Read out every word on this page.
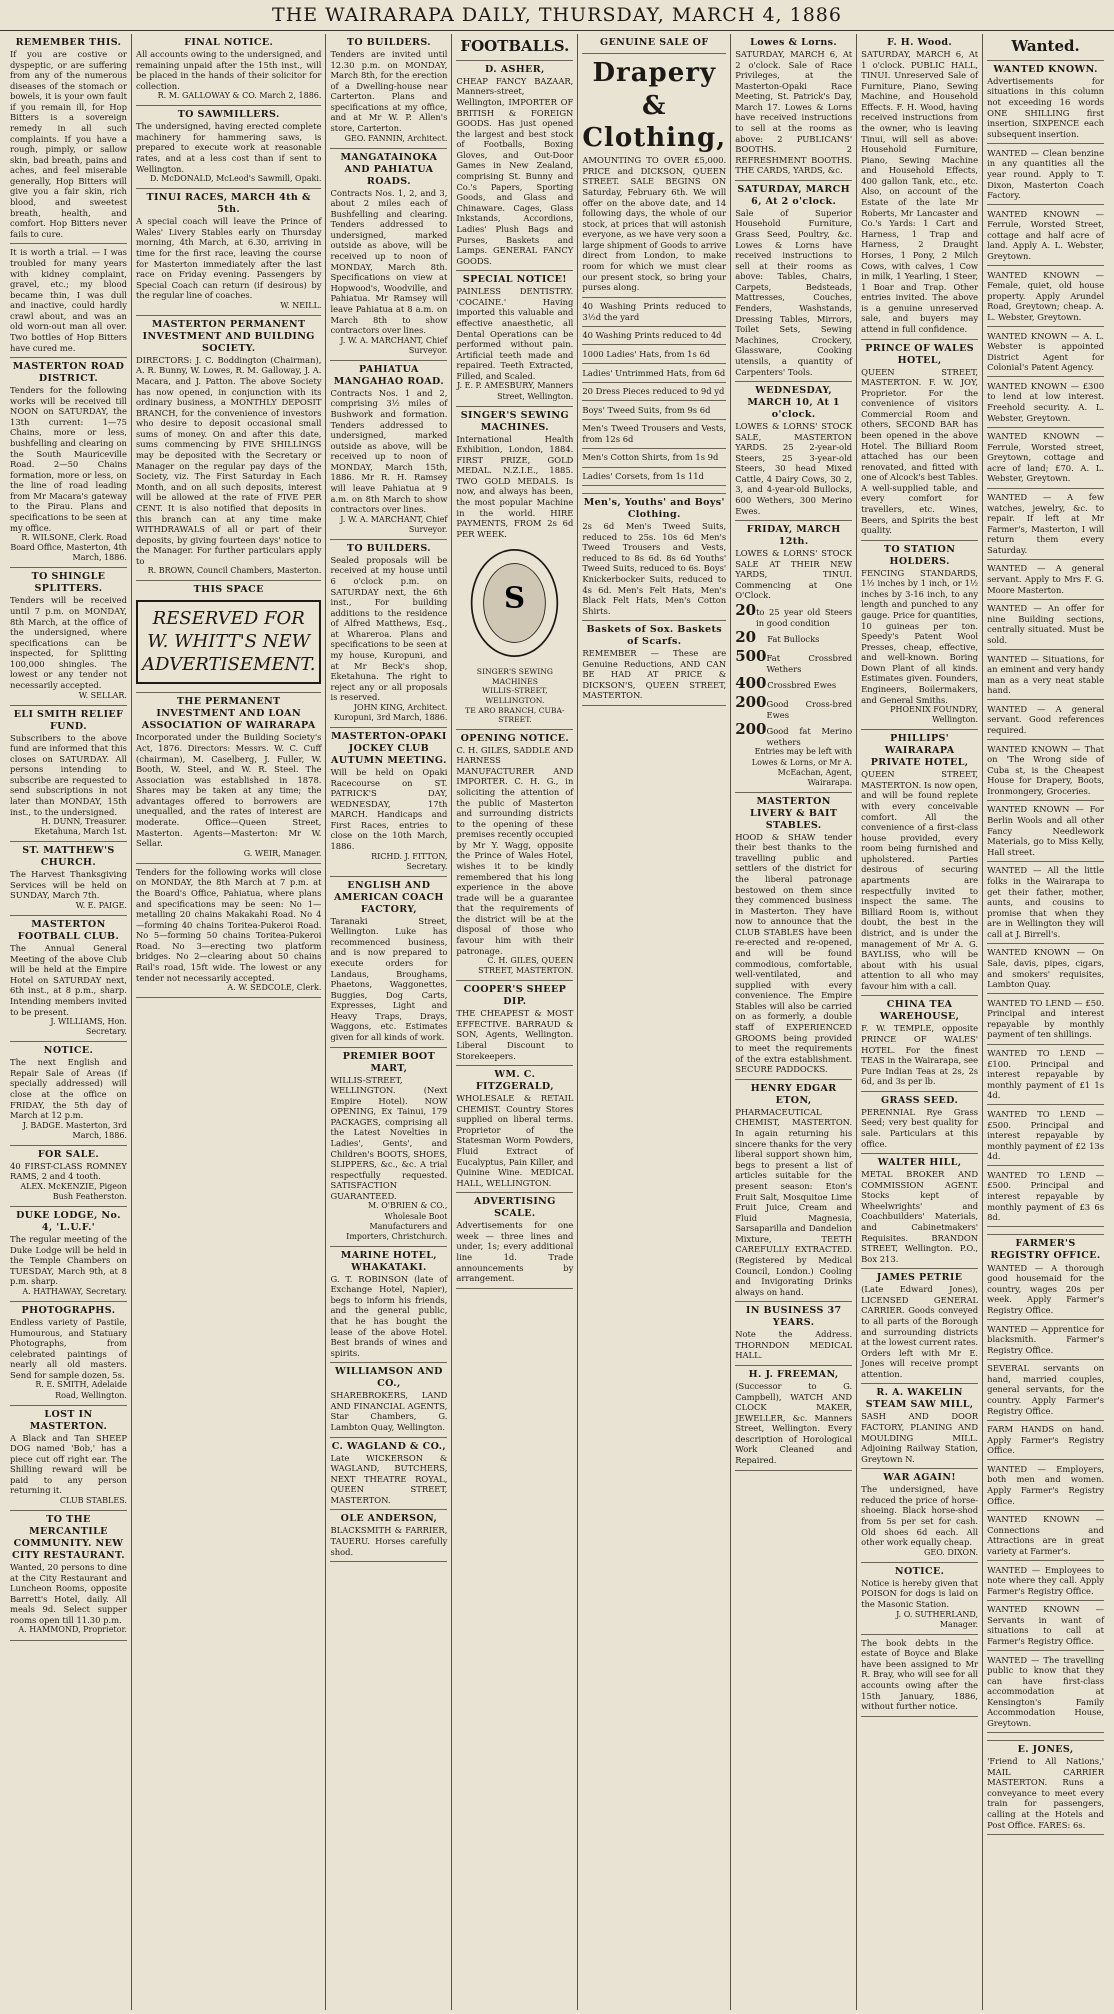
THE WAIRARAPA DAILY, THURSDAY, MARCH 4, 1886
REMEMBER THIS.
If you are costive or dyspeptic, or are suffering from any of the numerous diseases of the stomach or bowels, it is your own fault if you remain ill, for Hop Bitters is a sovereign remedy in all such complaints. If you have a rough, pimply, or sallow skin, bad breath, pains and aches, and feel miserable generally, Hop Bitters will give you a fair skin, rich blood, and sweetest breath, health, and comfort. Hop Bitters never fails to cure.
It is worth a trial. — I was troubled for many years with kidney complaint, gravel, etc.; my blood became thin, I was dull and inactive, could hardly crawl about, and was an old worn-out man all over. Two bottles of Hop Bitters have cured me.
MASTERTON ROAD DISTRICT.
Tenders for the following works will be received till NOON on SATURDAY, the 13th current: 1—75 Chains, more or less, bushfelling and clearing on the South Mauriceville Road. 2—50 Chains formation, more or less, on the line of road leading from Mr Macara's gateway to the Pirau. Plans and specifications to be seen at my office.
R. WILSONE, Clerk. Road Board Office, Masterton, 4th March, 1886.
TO SHINGLE SPLITTERS.
Tenders will be received until 7 p.m. on MONDAY, 8th March, at the office of the undersigned, where specifications can be inspected, for Splitting 100,000 shingles. The lowest or any tender not necessarily accepted.
W. SELLAR.
ELI SMITH RELIEF FUND.
Subscribers to the above fund are informed that this closes on SATURDAY. All persons intending to subscribe are requested to send subscriptions in not later than MONDAY, 15th inst., to the undersigned.
H. DUNN, Treasurer. Eketahuna, March 1st.
ST. MATTHEW'S CHURCH.
The Harvest Thanksgiving Services will be held on SUNDAY, March 7th.
W. E. PAIGE.
MASTERTON FOOTBALL CLUB.
The Annual General Meeting of the above Club will be held at the Empire Hotel on SATURDAY next, 6th inst., at 8 p.m., sharp. Intending members invited to be present.
J. WILLIAMS, Hon. Secretary.
NOTICE.
The next English and Repair Sale of Areas (if specially addressed) will close at the office on FRIDAY, the 5th day of March at 12 p.m.
J. BADGE. Masterton, 3rd March, 1886.
FOR SALE.
40 FIRST-CLASS ROMNEY RAMS, 2 and 4 tooth.
ALEX. McKENZIE, Pigeon Bush Featherston.
DUKE LODGE, No. 4, 'L.U.F.'
The regular meeting of the Duke Lodge will be held in the Temple Chambers on TUESDAY, March 9th, at 8 p.m. sharp.
A. HATHAWAY, Secretary.
PHOTOGRAPHS.
Endless variety of Pastile, Humourous, and Statuary Photographs, from celebrated paintings of nearly all old masters. Send for sample dozen, 5s.
R. E. SMITH, Adelaide Road, Wellington.
LOST IN MASTERTON.
A Black and Tan SHEEP DOG named 'Bob,' has a piece cut off right ear. The Shilling reward will be paid to any person returning it.
CLUB STABLES.
TO THE MERCANTILE COMMUNITY. NEW CITY RESTAURANT.
Wanted, 20 persons to dine at the City Restaurant and Luncheon Rooms, opposite Barrett's Hotel, daily. All meals 9d. Select supper rooms open till 11.30 p.m.
A. HAMMOND, Proprietor.
FINAL NOTICE.
All accounts owing to the undersigned, and remaining unpaid after the 15th inst., will be placed in the hands of their solicitor for collection.
R. M. GALLOWAY & CO. March 2, 1886.
TO SAWMILLERS.
The undersigned, having erected complete machinery for hammering saws, is prepared to execute work at reasonable rates, and at a less cost than if sent to Wellington.
D. McDONALD, McLeod's Sawmill, Opaki.
TINUI RACES, MARCH 4th & 5th.
A special coach will leave the Prince of Wales' Livery Stables early on Thursday morning, 4th March, at 6.30, arriving in time for the first race, leaving the course for Masterton immediately after the last race on Friday evening. Passengers by Special Coach can return (if desirous) by the regular line of coaches.
W. NEILL.
MASTERTON PERMANENT INVESTMENT AND BUILDING SOCIETY.
DIRECTORS: J. C. Boddington (Chairman), A. R. Bunny, W. Lowes, R. M. Galloway, J. A. Macara, and J. Patton. The above Society has now opened, in conjunction with its ordinary business, a MONTHLY DEPOSIT BRANCH, for the convenience of investors who desire to deposit occasional small sums of money. On and after this date, sums commencing by FIVE SHILLINGS may be deposited with the Secretary or Manager on the regular pay days of the Society, viz. The First Saturday in Each Month, and on all such deposits, interest will be allowed at the rate of FIVE PER CENT. It is also notified that deposits in this branch can at any time make WITHDRAWALS of all or part of their deposits, by giving fourteen days' notice to the Manager. For further particulars apply to
R. BROWN, Council Chambers, Masterton.
THIS SPACE
RESERVED FOR W. WHITT'S NEW ADVERTISEMENT.
THE PERMANENT INVESTMENT AND LOAN ASSOCIATION OF WAIRARAPA
Incorporated under the Building Society's Act, 1876. Directors: Messrs. W. C. Cuff (chairman), M. Caselberg, J. Fuller, W. Booth, W. Steel, and W. R. Steel. The Association was established in 1878. Shares may be taken at any time; the advantages offered to borrowers are unequalled, and the rates of interest are moderate. Office—Queen Street, Masterton. Agents—Masterton: Mr W. Sellar.
G. WEIR, Manager.
Tenders for the following works will close on MONDAY, the 8th March at 7 p.m. at the Board's Office, Pahiatua, where plans and specifications may be seen: No 1—metalling 20 chains Makakahi Road. No 4—forming 40 chains Toritea-Pukeroi Road. No 5—forming 50 chains Toritea-Pukeroi Road. No 3—erecting two platform bridges. No 2—clearing about 50 chains Rail's road, 15ft wide. The lowest or any tender not necessarily accepted.
A. W. SEDCOLE, Clerk.
TO BUILDERS.
Tenders are invited until 12.30 p.m. on MONDAY, March 8th, for the erection of a Dwelling-house near Carterton. Plans and specifications at my office, and at Mr W. P. Allen's store, Carterton.
GEO. FANNIN, Architect.
MANGATAINOKA AND PAHIATUA ROADS.
Contracts Nos. 1, 2, and 3, about 2 miles each of Bushfelling and clearing. Tenders addressed to undersigned, marked outside as above, will be received up to noon of MONDAY, March 8th. Specifications on view at Hopwood's, Woodville, and Pahiatua. Mr Ramsey will leave Pahiatua at 8 a.m. on March 8th to show contractors over lines.
J. W. A. MARCHANT, Chief Surveyor.
PAHIATUA MANGAHAO ROAD.
Contracts Nos. 1 and 2, comprising 3½ miles of Bushwork and formation. Tenders addressed to undersigned, marked outside as above, will be received up to noon of MONDAY, March 15th, 1886. Mr R. H. Ramsey will leave Pahiatua at 9 a.m. on 8th March to show contractors over lines.
J. W. A. MARCHANT, Chief Surveyor.
TO BUILDERS.
Sealed proposals will be received at my house until 6 o'clock p.m. on SATURDAY next, the 6th inst., For building additions to the residence of Alfred Matthews, Esq., at Whareroa. Plans and specifications to be seen at my house, Kuropuni, and at Mr Beck's shop, Eketahuna. The right to reject any or all proposals is reserved.
JOHN KING, Architect. Kuropuni, 3rd March, 1886.
MASTERTON-OPAKI JOCKEY CLUB AUTUMN MEETING.
Will be held on Opaki Racecourse on ST. PATRICK'S DAY, WEDNESDAY, 17th MARCH. Handicaps and First Races, entries to close on the 10th March, 1886.
RICHD. J. FITTON, Secretary.
ENGLISH AND AMERICAN COACH FACTORY,
Taranaki Street, Wellington. Luke has recommenced business, and is now prepared to execute orders for Landaus, Broughams, Phaetons, Waggonettes, Buggies, Dog Carts, Expresses, Light and Heavy Traps, Drays, Waggons, etc. Estimates given for all kinds of work.
PREMIER BOOT MART,
WILLIS-STREET, WELLINGTON. (Next Empire Hotel). NOW OPENING, Ex Tainui, 179 PACKAGES, comprising all the Latest Novelties in Ladies', Gents', and Children's BOOTS, SHOES, SLIPPERS, &c., &c. A trial respectfully requested. SATISFACTION GUARANTEED.
M. O'BRIEN & CO., Wholesale Boot Manufacturers and Importers, Christchurch.
MARINE HOTEL, WHAKATAKI.
G. T. ROBINSON (late of Exchange Hotel, Napier), begs to inform his friends, and the general public, that he has bought the lease of the above Hotel. Best brands of wines and spirits.
WILLIAMSON AND CO.,
SHAREBROKERS, LAND AND FINANCIAL AGENTS, Star Chambers, G. Lambton Quay, Wellington.
C. WAGLAND & CO.,
Late WICKERSON & WAGLAND, BUTCHERS, NEXT THEATRE ROYAL, QUEEN STREET, MASTERTON.
OLE ANDERSON,
BLACKSMITH & FARRIER, TAUERU. Horses carefully shod.
FOOTBALLS.
D. ASHER,
CHEAP FANCY BAZAAR, Manners-street, Wellington, IMPORTER OF BRITISH & FOREIGN GOODS. Has just opened the largest and best stock of Footballs, Boxing Gloves, and Out-Door Games in New Zealand, comprising St. Bunny and Co.'s Papers, Sporting Goods, and Glass and Chinaware. Cages, Glass Inkstands, Accordions, Ladies' Plush Bags and Purses, Baskets and Lamps. GENERAL FANCY GOODS.
SPECIAL NOTICE!
PAINLESS DENTISTRY. 'COCAINE.' Having imported this valuable and effective anaesthetic, all Dental Operations can be performed without pain. Artificial teeth made and repaired. Teeth Extracted, Filled, and Scaled.
J. E. P. AMESBURY, Manners Street, Wellington.
SINGER'S SEWING MACHINES.
International Health Exhibition, London, 1884. FIRST PRIZE, GOLD MEDAL. N.Z.I.E., 1885. TWO GOLD MEDALS. Is now, and always has been, the most popular Machine in the world. HIRE PAYMENTS, FROM 2s 6d PER WEEK.
S
SINGER'S SEWING MACHINES
WILLIS-STREET, WELLINGTON.
TE ARO BRANCH, CUBA-STREET.
OPENING NOTICE.
C. H. GILES, SADDLE AND HARNESS MANUFACTURER AND IMPORTER. C. H. G., in soliciting the attention of the public of Masterton and surrounding districts to the opening of these premises recently occupied by Mr Y. Wagg, opposite the Prince of Wales Hotel, wishes it to be kindly remembered that his long experience in the above trade will be a guarantee that the requirements of the district will be at the disposal of those who favour him with their patronage.
C. H. GILES, QUEEN STREET, MASTERTON.
COOPER'S SHEEP DIP.
THE CHEAPEST & MOST EFFECTIVE. BARRAUD & SON, Agents, Wellington. Liberal Discount to Storekeepers.
WM. C. FITZGERALD,
WHOLESALE & RETAIL CHEMIST. Country Stores supplied on liberal terms. Proprietor of the Statesman Worm Powders, Fluid Extract of Eucalyptus, Pain Killer, and Quinine Wine. MEDICAL HALL, WELLINGTON.
ADVERTISING SCALE.
Advertisements for one week — three lines and under, 1s; every additional line 1d. Trade announcements by arrangement.
GENUINE SALE OF
Drapery & Clothing,
AMOUNTING TO OVER £5,000. PRICE and DICKSON, QUEEN STREET. SALE BEGINS ON Saturday, February 6th. We will offer on the above date, and 14 following days, the whole of our stock, at prices that will astonish everyone, as we have very soon a large shipment of Goods to arrive direct from London, to make room for which we must clear our present stock, so bring your purses along.
40 Washing Prints reduced to 3½d the yard
40 Washing Prints reduced to 4d
1000 Ladies' Hats, from 1s 6d
Ladies' Untrimmed Hats, from 6d
20 Dress Pieces reduced to 9d yd
Boys' Tweed Suits, from 9s 6d
Men's Tweed Trousers and Vests, from 12s 6d
Men's Cotton Shirts, from 1s 9d
Ladies' Corsets, from 1s 11d
Men's, Youths' and Boys' Clothing.
2s 6d Men's Tweed Suits, reduced to 25s. 10s 6d Men's Tweed Trousers and Vests, reduced to 8s 6d. 8s 6d Youths' Tweed Suits, reduced to 6s. Boys' Knickerbocker Suits, reduced to 4s 6d. Men's Felt Hats, Men's Black Felt Hats, Men's Cotton Shirts.
Baskets of Sox. Baskets of Scarfs.
REMEMBER — These are Genuine Reductions, AND CAN BE HAD AT PRICE & DICKSON'S, QUEEN STREET, MASTERTON.
Lowes & Lorns.
SATURDAY, MARCH 6, At 2 o'clock. Sale of Race Privileges, at the Masterton-Opaki Race Meeting, St. Patrick's Day, March 17. Lowes & Lorns have received instructions to sell at the rooms as above: 2 PUBLICANS' BOOTHS. 2 REFRESHMENT BOOTHS. THE CARDS, YARDS, &c.
SATURDAY, MARCH 6, At 2 o'clock.
Sale of Superior Household Furniture, Grass Seed, Poultry, &c. Lowes & Lorns have received instructions to sell at their rooms as above: Tables, Chairs, Carpets, Bedsteads, Mattresses, Couches, Fenders, Washstands, Dressing Tables, Mirrors, Toilet Sets, Sewing Machines, Crockery, Glassware, Cooking utensils, a quantity of Carpenters' Tools.
WEDNESDAY, MARCH 10, At 1 o'clock.
LOWES & LORNS' STOCK SALE, MASTERTON YARDS. 25 2-year-old Steers, 25 3-year-old Steers, 30 head Mixed Cattle, 4 Dairy Cows, 30 2, 3, and 4-year-old Bullocks, 600 Wethers, 300 Merino Ewes.
FRIDAY, MARCH 12th.
LOWES & LORNS' STOCK SALE AT THEIR NEW YARDS, TINUI. Commencing at One O'Clock.
20 to 25 year old Steers in good condition
20	Fat Bullocks
500 Fat Crossbred Wethers
400 Crossbred Ewes
200 Good Cross-bred Ewes
200 Good fat Merino wethers
Entries may be left with Lowes & Lorns, or Mr A. McEachan, Agent, Wairarapa.
MASTERTON LIVERY & BAIT STABLES.
HOOD & SHAW tender their best thanks to the travelling public and settlers of the district for the liberal patronage bestowed on them since they commenced business in Masterton. They have now to announce that the CLUB STABLES have been re-erected and re-opened, and will be found commodious, comfortable, well-ventilated, and supplied with every convenience. The Empire Stables will also be carried on as formerly, a double staff of EXPERIENCED GROOMS being provided to meet the requirements of the extra establishment. SECURE PADDOCKS.
HENRY EDGAR ETON,
PHARMACEUTICAL CHEMIST, MASTERTON. In again returning his sincere thanks for the very liberal support shown him, begs to present a list of articles suitable for the present season: Eton's Fruit Salt, Mosquitoe Lime Fruit Juice, Cream and Fluid Magnesia, Sarsaparilla and Dandelion Mixture, TEETH CAREFULLY EXTRACTED. (Registered by Medical Council, London.) Cooling and Invigorating Drinks always on hand.
IN BUSINESS 37 YEARS.
Note the Address. THORNDON MEDICAL HALL.
H. J. FREEMAN,
(Successor to G. Campbell), WATCH AND CLOCK MAKER, JEWELLER, &c. Manners Street, Wellington. Every description of Horological Work Cleaned and Repaired.
F. H. Wood.
SATURDAY, MARCH 6, At 1 o'clock. PUBLIC HALL, TINUI. Unreserved Sale of Furniture, Piano, Sewing Machine, and Household Effects. F. H. Wood, having received instructions from the owner, who is leaving Tinui, will sell as above: Household Furniture, Piano, Sewing Machine and Household Effects, 400 gallon Tank, etc., etc. Also, on account of the Estate of the late Mr Roberts, Mr Lancaster and Co.'s Yards: 1 Cart and Harness, 1 Trap and Harness, 2 Draught Horses, 1 Pony, 2 Milch Cows, with calves, 1 Cow in milk, 1 Yearling, 1 Steer, 1 Boar and Trap. Other entries invited. The above is a genuine unreserved sale, and buyers may attend in full confidence.
PRINCE OF WALES HOTEL,
QUEEN STREET, MASTERTON. F. W. JOY, Proprietor. For the convenience of visitors Commercial Room and others, SECOND BAR has been opened in the above Hotel. The Billiard Room attached has our been renovated, and fitted with one of Alcock's best Tables. A well-supplied table, and every comfort for travellers, etc. Wines, Beers, and Spirits the best quality.
TO STATION HOLDERS.
FENCING STANDARDS, 1½ inches by 1 inch, or 1½ inches by 3-16 inch, to any length and punched to any gauge. Price for quantities, 10 guineas per ton. Speedy's Patent Wool Presses, cheap, effective, and well-known. Boring Down Plant of all kinds. Estimates given. Founders, Engineers, Boilermakers, and General Smiths.
PHOENIX FOUNDRY, Wellington.
PHILLIPS' WAIRARAPA PRIVATE HOTEL,
QUEEN STREET, MASTERTON. Is now open, and will be found replete with every conceivable comfort. All the convenience of a first-class house provided, every room being furnished and upholstered. Parties desirous of securing apartments are respectfully invited to inspect the same. The Billiard Room is, without doubt, the best in the district, and is under the management of Mr A. G. BAYLISS, who will be about with his usual attention to all who may favour him with a call.
CHINA TEA WAREHOUSE,
F. W. TEMPLE, opposite PRINCE OF WALES' HOTEL. For the finest TEAS in the Wairarapa, see Pure Indian Teas at 2s, 2s 6d, and 3s per lb.
GRASS SEED.
PERENNIAL Rye Grass Seed; very best quality for sale. Particulars at this office.
WALTER HILL,
METAL BROKER AND COMMISSION AGENT. Stocks kept of Wheelwrights' and Coachbuilders' Materials, and Cabinetmakers' Requisites. BRANDON STREET, Wellington. P.O., Box 213.
JAMES PETRIE
(Late Edward Jones), LICENSED GENERAL CARRIER. Goods conveyed to all parts of the Borough and surrounding districts at the lowest current rates. Orders left with Mr E. Jones will receive prompt attention.
R. A. WAKELIN STEAM SAW MILL,
SASH AND DOOR FACTORY, PLANING AND MOULDING MILL. Adjoining Railway Station, Greytown N.
WAR AGAIN!
The undersigned, have reduced the price of horse-shoeing. Black horse-shod from 5s per set for cash. Old shoes 6d each. All other work equally cheap.
GEO. DIXON.
NOTICE.
Notice is hereby given that POISON for dogs is laid on the Masonic Station.
J. O. SUTHERLAND, Manager.
The book debts in the estate of Boyce and Blake have been assigned to Mr R. Bray, who will see for all accounts owing after the 15th January, 1886, without further notice.
Wanted.
WANTED KNOWN.
Advertisements for situations in this column not exceeding 16 words ONE SHILLING first insertion, SIXPENCE each subsequent insertion.
WANTED — Clean benzine in any quantities all the year round. Apply to T. Dixon, Masterton Coach Factory.
WANTED KNOWN — Ferrule, Worsted Street, cottage and half acre of land. Apply A. L. Webster, Greytown.
WANTED KNOWN — Female, quiet, old house property. Apply Arundel Road, Greytown; cheap. A. L. Webster, Greytown.
WANTED KNOWN — A. L. Webster is appointed District Agent for Colonial's Patent Agency.
WANTED KNOWN — £300 to lend at low interest. Freehold security. A. L. Webster, Greytown.
WANTED KNOWN — Ferrule, Worsted street, Greytown, cottage and acre of land; £70. A. L. Webster, Greytown.
WANTED — A few watches, jewelry, &c. to repair. If left at Mr Farmer's, Masterton, I will return them every Saturday.
WANTED — A general servant. Apply to Mrs F. G. Moore Masterton.
WANTED — An offer for nine Building sections, centrally situated. Must be sold.
WANTED — Situations, for an eminent and very handy man as a very neat stable hand.
WANTED — A general servant. Good references required.
WANTED KNOWN — That on 'The Wrong side of Cuba st, is the Cheapest House for Drapery, Boots, Ironmongery, Groceries.
WANTED KNOWN — For Berlin Wools and all other Fancy Needlework Materials, go to Miss Kelly, Hall street.
WANTED — All the little folks in the Wairarapa to get their father, mother, aunts, and cousins to promise that when they are in Wellington they will call at J. Birrell's.
WANTED KNOWN — On Sale, davis, pipes, cigars, and smokers' requisites, Lambton Quay.
WANTED TO LEND — £50. Principal and interest repayable by monthly payment of ten shillings.
WANTED TO LEND — £100. Principal and interest repayable by monthly payment of £1 1s 4d.
WANTED TO LEND — £500. Principal and interest repayable by monthly payment of £2 13s 4d.
WANTED TO LEND — £500. Principal and interest repayable by monthly payment of £3 6s 8d.
FARMER'S REGISTRY OFFICE.
WANTED — A thorough good housemaid for the country, wages 20s per week. Apply Farmer's Registry Office.
WANTED — Apprentice for blacksmith. Farmer's Registry Office.
SEVERAL servants on hand, married couples, general servants, for the country. Apply Farmer's Registry Office.
FARM HANDS on hand. Apply Farmer's Registry Office.
WANTED — Employers, both men and women. Apply Farmer's Registry Office.
WANTED KNOWN — Connections and Attractions are in great variety at Farmer's.
WANTED — Employees to note where they call. Apply Farmer's Registry Office.
WANTED KNOWN — Servants in want of situations to call at Farmer's Registry Office.
WANTED — The travelling public to know that they can have first-class accommodation at Kensington's Family Accommodation House, Greytown.
E. JONES,
'Friend to All Nations,' MAIL CARRIER MASTERTON. Runs a conveyance to meet every train for passengers, calling at the Hotels and Post Office. FARES: 6s.
